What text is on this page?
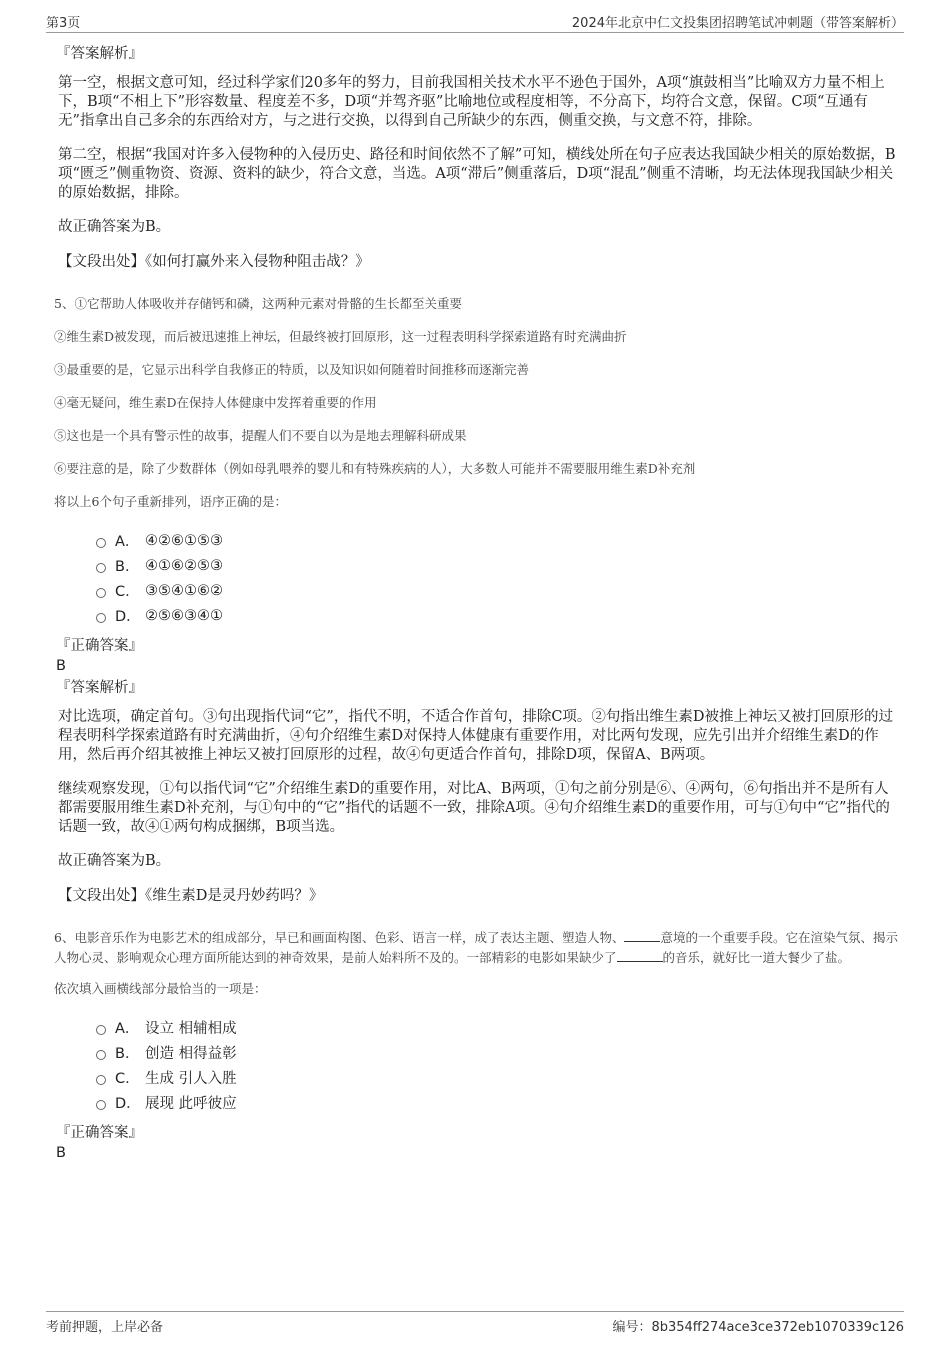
第3页	2024年北京中仁文投集团招聘笔试冲刺题（带答案解析）

『答案解析』

第一空，根据文意可知，经过科学家们20多年的努力，目前我国相关技术水平不逊色于国外，A项“旗鼓相当”比喻双方力量不相上下，B项“不相上下”形容数量、程度差不多，D项“并驾齐驱”比喻地位或程度相等，不分高下，均符合文意，保留。C项“互通有无”指拿出自己多余的东西给对方，与之进行交换，以得到自己所缺少的东西，侧重交换，与文意不符，排除。

第二空，根据“我国对许多入侵物种的入侵历史、路径和时间依然不了解”可知，横线处所在句子应表达我国缺少相关的原始数据，B项“匮乏”侧重物资、资源、资料的缺少，符合文意，当选。A项“滞后”侧重落后，D项“混乱”侧重不清晰，均无法体现我国缺少相关的原始数据，排除。

故正确答案为B。

【文段出处】《如何打赢外来入侵物种阻击战？》

5、①它帮助人体吸收并存储钙和磷，这两种元素对骨骼的生长都至关重要

②维生素D被发现，而后被迅速推上神坛，但最终被打回原形，这一过程表明科学探索道路有时充满曲折

③最重要的是，它显示出科学自我修正的特质，以及知识如何随着时间推移而逐渐完善

④毫无疑问，维生素D在保持人体健康中发挥着重要的作用

⑤这也是一个具有警示性的故事，提醒人们不要自以为是地去理解科研成果

⑥要注意的是，除了少数群体（例如母乳喂养的婴儿和有特殊疾病的人），大多数人可能并不需要服用维生素D补充剂

将以上6个句子重新排列，语序正确的是：

A． ④②⑥①⑤③
B． ④①⑥②⑤③
C． ③⑤④①⑥②
D． ②⑤⑥③④①

『正确答案』

B

『答案解析』

对比选项，确定首句。③句出现指代词“它”，指代不明，不适合作首句，排除C项。②句指出维生素D被推上神坛又被打回原形的过程表明科学探索道路有时充满曲折，④句介绍维生素D对保持人体健康有重要作用，对比两句发现，应先引出并介绍维生素D的作用，然后再介绍其被推上神坛又被打回原形的过程，故④句更适合作首句，排除D项，保留A、B两项。

继续观察发现，①句以指代词“它”介绍维生素D的重要作用，对比A、B两项，①句之前分别是⑥、④两句，⑥句指出并不是所有人都需要服用维生素D补充剂，与①句中的“它”指代的话题不一致，排除A项。④句介绍维生素D的重要作用，可与①句中“它”指代的话题一致，故④①两句构成捆绑，B项当选。

故正确答案为B。

【文段出处】《维生素D是灵丹妙药吗？》

6、电影音乐作为电影艺术的组成部分，早已和画面构图、色彩、语言一样，成了表达主题、塑造人物、	意境的一个重要手段。它在渲染气氛、揭示人物心灵、影响观众心理方面所能达到的神奇效果，是前人始料所不及的。一部精彩的电影如果缺少了	的音乐，就好比一道大餐少了盐。

依次填入画横线部分最恰当的一项是：

A． 设立 相辅相成
B． 创造 相得益彰
C． 生成 引人入胜
D． 展现 此呼彼应

『正确答案』

B

考前押题，上岸必备	编号：8b354ff274ace3ce372eb1070339c126
